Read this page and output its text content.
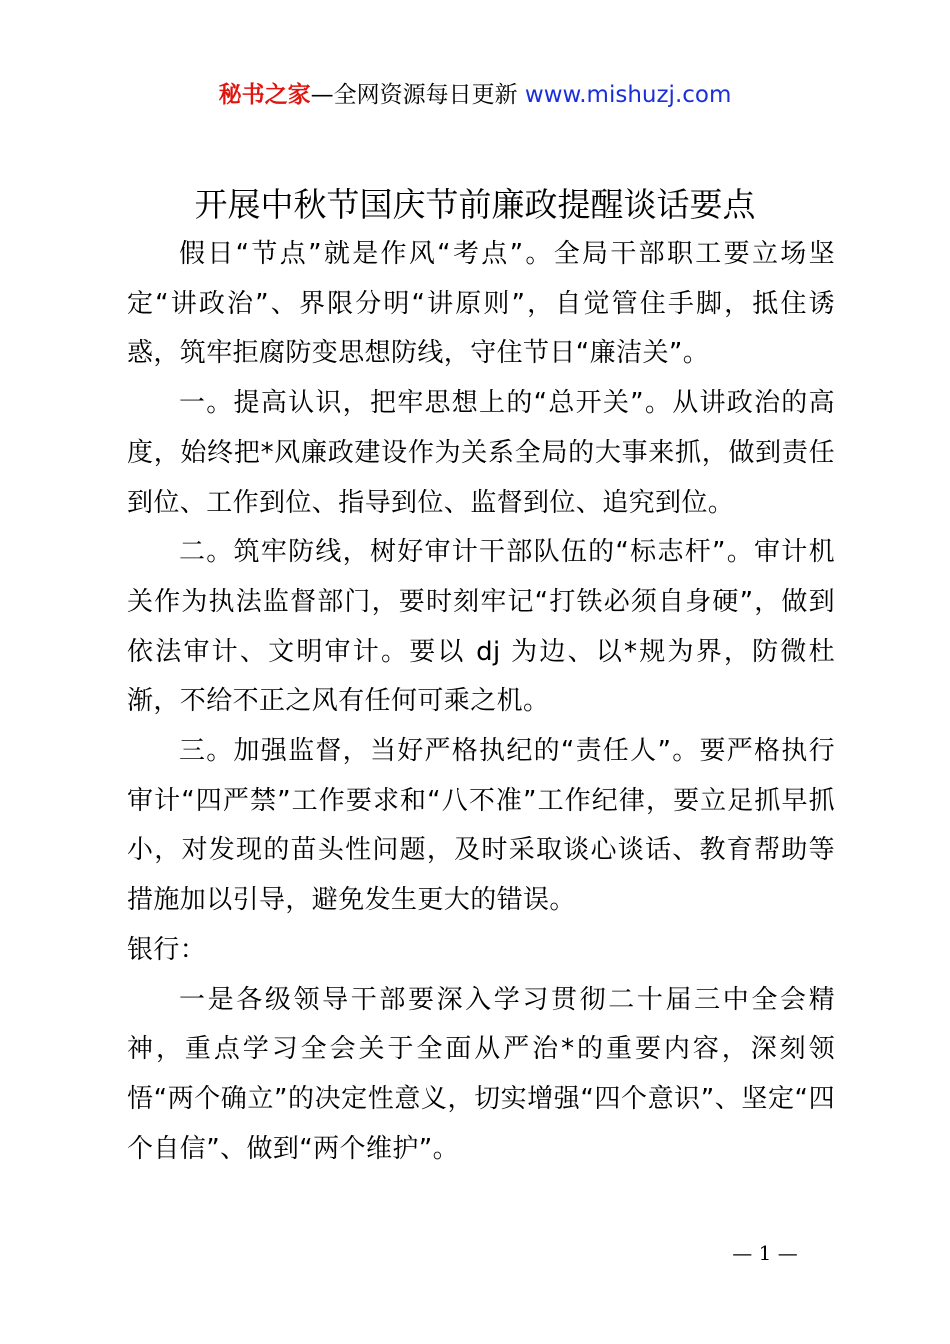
秘书之家—全网资源每日更新 www.mishuzj.com
开展中秋节国庆节前廉政提醒谈话要点

假日“节点”就是作风“考点”。全局干部职工要立场坚定“讲政治”、界限分明“讲原则”，自觉管住手脚，抵住诱惑，筑牢拒腐防变思想防线，守住节日“廉洁关”。

一。提高认识，把牢思想上的“总开关”。从讲政治的高度，始终把*风廉政建设作为关系全局的大事来抓，做到责任到位、工作到位、指导到位、监督到位、追究到位。

二。筑牢防线，树好审计干部队伍的“标志杆”。审计机关作为执法监督部门，要时刻牢记“打铁必须自身硬”，做到依法审计、文明审计。要以 dj 为边、以*规为界，防微杜渐，不给不正之风有任何可乘之机。

三。加强监督，当好严格执纪的“责任人”。要严格执行审计“四严禁”工作要求和“八不准”工作纪律，要立足抓早抓小，对发现的苗头性问题，及时采取谈心谈话、教育帮助等措施加以引导，避免发生更大的错误。

银行：

一是各级领导干部要深入学习贯彻二十届三中全会精神，重点学习全会关于全面从严治*的重要内容，深刻领悟“两个确立”的决定性意义，切实增强“四个意识”、坚定“四个自信”、做到“两个维护”。

— 1 —
